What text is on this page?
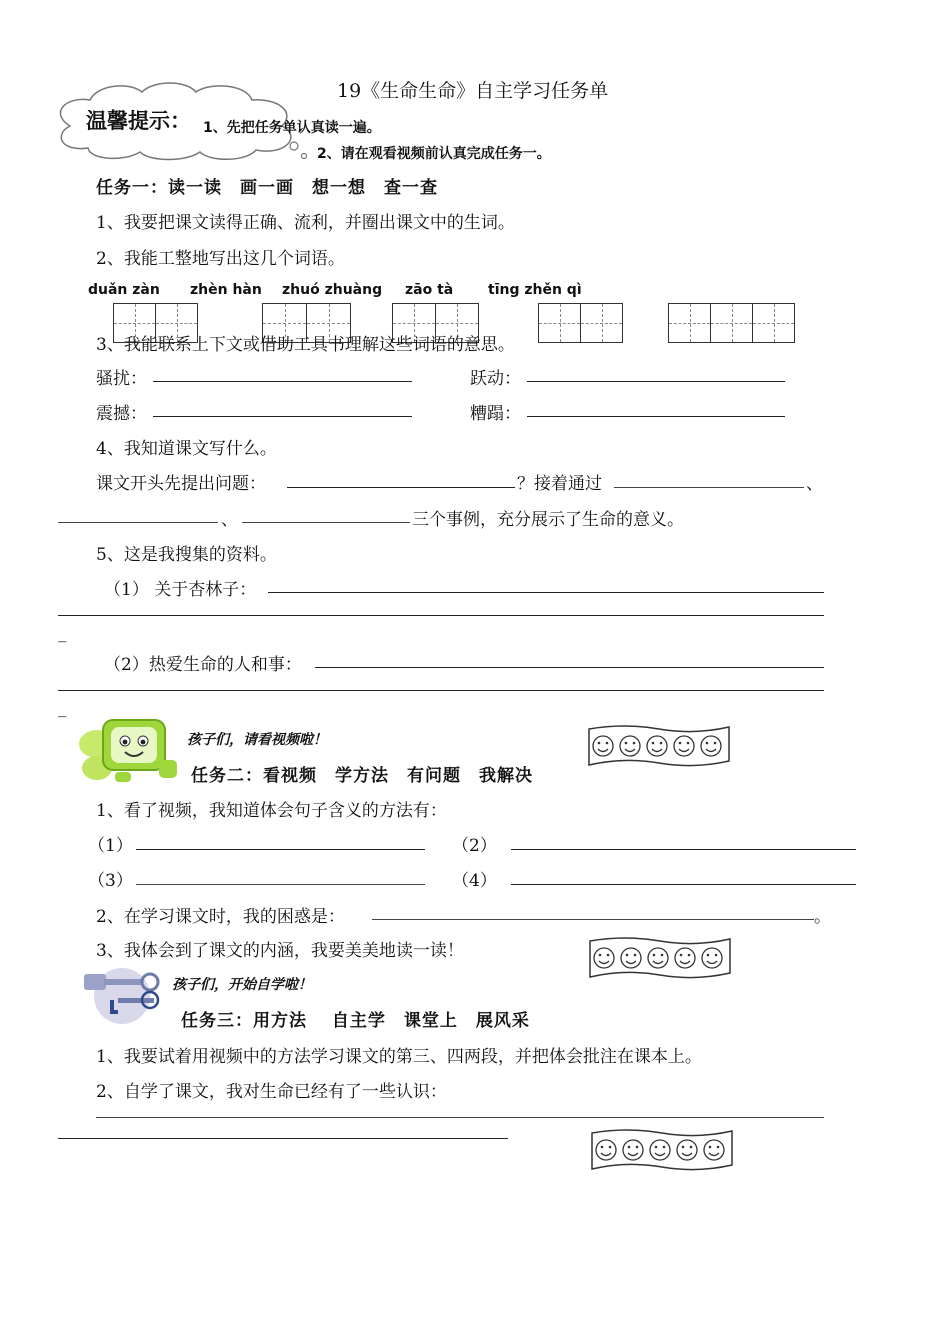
19《生命生命》自主学习任务单
温馨提示： 1、先把任务单认真读一遍。
2、请在观看视频前认真完成任务一。
任务一：读一读　画一画　想一想　查一查
1、我要把课文读得正确、流利，并圈出课文中的生词。
2、我能工整地写出这几个词语。
duǎn zàn zhèn hàn zhuó zhuàng zāo tà tīng zhěn qì
3、我能联系上下文或借助工具书理解这些词语的意思。
骚扰：	跃动：
震撼：	糟蹋：
4、我知道课文写什么。
课文开头先提出问题：	？接着通过	、
、	三个事例，充分展示了生命的意义。
5、这是我搜集的资料。
（1） 关于杏林子：
_
（2）热爱生命的人和事：
_
孩子们，请看视频啦！
任务二：看视频　学方法　有问题　我解决
1、看了视频，我知道体会句子含义的方法有：
（1）	（2）
（3）	（4）
2、在学习课文时，我的困惑是：	。
3、我体会到了课文的内涵，我要美美地读一读！
孩子们，开始自学啦！
任务三：用方法　 自主学　课堂上　展风采
1、我要试着用视频中的方法学习课文的第三、四两段，并把体会批注在课本上。
2、自学了课文，我对生命已经有了一些认识：
